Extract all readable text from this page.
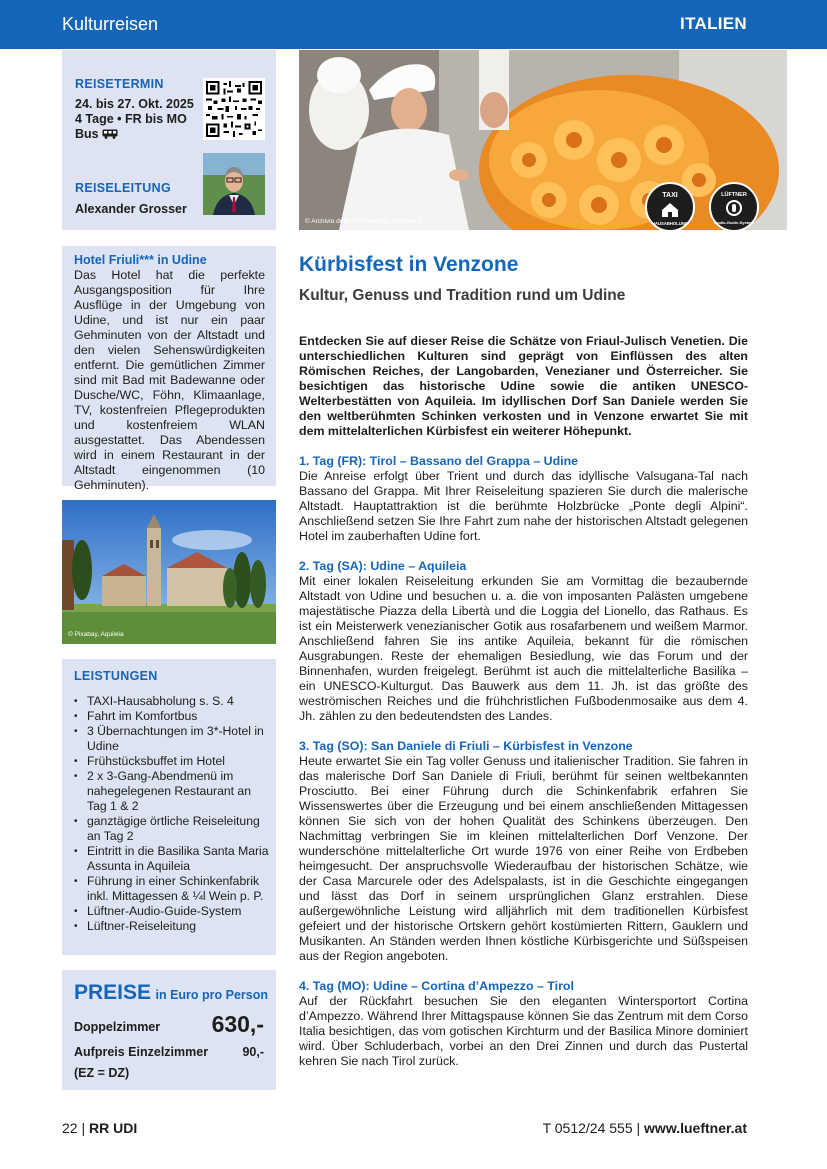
Kulturreisen	ITALIEN
REISETERMIN
24. bis 27. Okt. 2025
4 Tage • FR bis MO
Bus
REISELEITUNG
Alexander Grosser
Hotel Friuli*** in Udine
Das Hotel hat die perfekte Ausgangsposition für Ihre Ausflüge in der Umgebung von Udine, und ist nur ein paar Gehminuten von der Altstadt und den vielen Sehenswürdigkeiten entfernt. Die gemütlichen Zimmer sind mit Bad mit Badewanne oder Dusche/WC, Föhn, Klimaanlage, TV, kostenfreien Pflegeprodukten und kostenfreiem WLAN ausgestattet. Das Abendessen wird in einem Restaurant in der Altstadt eingenommen (10 Gehminuten).
© Pixabay, Aquileia
LEISTUNGEN
• TAXI-Hausabholung s. S. 4
• Fahrt im Komfortbus
• 3 Übernachtungen im 3*-Hotel in Udine
• Frühstücksbuffet im Hotel
• 2 x 3-Gang-Abendmenü im nahegelegenen Restaurant an Tag 1 & 2
• ganztägige örtliche Reiseleitung an Tag 2
• Eintritt in die Basilika Santa Maria Assunta in Aquileia
• Führung in einer Schinkenfabrik inkl. Mittagessen & ¼l Wein p. P.
• Lüftner-Audio-Guide-System
• Lüftner-Reiseleitung
PREISE in Euro pro Person
Doppelzimmer 630,-
Aufpreis Einzelzimmer	90,-
(EZ = DZ)
© Archivio della Pro Venzone, Kürbisfest
TAXI
HAUSABHOLUNG
LÜFTNER
Audio-Guide-System
Kürbisfest in Venzone
Kultur, Genuss und Tradition rund um Udine

Entdecken Sie auf dieser Reise die Schätze von Friaul-Julisch Venetien. Die unterschiedlichen Kulturen sind geprägt von Einflüssen des alten Römischen Reiches, der Langobarden, Venezianer und Österreicher. Sie besichtigen das historische Udine sowie die antiken UNESCO-Welterbestätten von Aquileia. Im idyllischen Dorf San Daniele werden Sie den weltberühmten Schinken verkosten und in Venzone erwartet Sie mit dem mittelalterlichen Kürbisfest ein weiterer Höhepunkt.

1. Tag (FR): Tirol – Bassano del Grappa – Udine

Die Anreise erfolgt über Trient und durch das idyllische Valsugana-Tal nach Bassano del Grappa. Mit Ihrer Reiseleitung spazieren Sie durch die malerische Altstadt. Hauptattraktion ist die berühmte Holzbrücke „Ponte degli Alpini“. Anschließend setzen Sie Ihre Fahrt zum nahe der historischen Altstadt gelegenen Hotel im zauberhaften Udine fort.

2. Tag (SA): Udine – Aquileia

Mit einer lokalen Reiseleitung erkunden Sie am Vormittag die bezaubernde Altstadt von Udine und besuchen u. a. die von imposanten Palästen umgebene majestätische Piazza della Libertà und die Loggia del Lionello, das Rathaus. Es ist ein Meisterwerk venezianischer Gotik aus rosafarbenem und weißem Marmor. Anschließend fahren Sie ins antike Aquileia, bekannt für die römischen Ausgrabungen. Reste der ehemaligen Besiedlung, wie das Forum und der Binnenhafen, wurden freigelegt. Berühmt ist auch die mittelalterliche Basilika – ein UNESCO-Kulturgut. Das Bauwerk aus dem 11. Jh. ist das größte des weströmischen Reiches und die frühchristlichen Fußbodenmosaike aus dem 4. Jh. zählen zu den bedeutendsten des Landes.

3. Tag (SO): San Daniele di Friuli – Kürbisfest in Venzone

Heute erwartet Sie ein Tag voller Genuss und italienischer Tradition. Sie fahren in das malerische Dorf San Daniele di Friuli, berühmt für seinen weltbekannten Prosciutto. Bei einer Führung durch die Schinkenfabrik erfahren Sie Wissenswertes über die Erzeugung und bei einem anschließenden Mittagessen können Sie sich von der hohen Qualität des Schinkens überzeugen. Den Nachmittag verbringen Sie im kleinen mittelalterlichen Dorf Venzone. Der wunderschöne mittelalterliche Ort wurde 1976 von einer Reihe von Erdbeben heimgesucht. Der anspruchsvolle Wiederaufbau der historischen Schätze, wie der Casa Marcurele oder des Adelspalasts, ist in die Geschichte eingegangen und lässt das Dorf in seinem ursprünglichen Glanz erstrahlen. Diese außergewöhnliche Leistung wird alljährlich mit dem traditionellen Kürbisfest gefeiert und der historische Ortskern gehört kostümierten Rittern, Gauklern und Musikanten. An Ständen werden Ihnen köstliche Kürbisgerichte und Süßspeisen aus der Region angeboten.

4. Tag (MO): Udine – Cortina d’Ampezzo – Tirol

Auf der Rückfahrt besuchen Sie den eleganten Wintersportort Cortina d’Ampezzo. Während Ihrer Mittagspause können Sie das Zentrum mit dem Corso Italia besichtigen, das vom gotischen Kirchturm und der Basilica Minore dominiert wird. Über Schluderbach, vorbei an den Drei Zinnen und durch das Pustertal kehren Sie nach Tirol zurück.

22 | RR UDI	T 0512/24 555 | www.lueftner.at
